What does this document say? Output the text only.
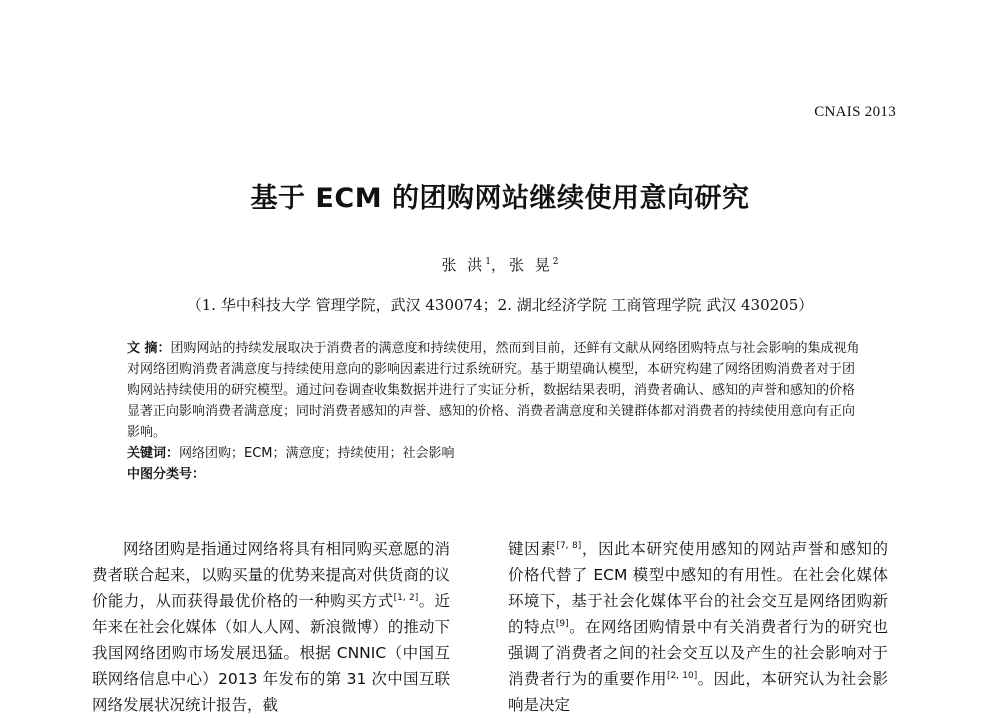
CNAIS 2013
基于 ECM 的团购网站继续使用意向研究
张 洪$^1$，张 晃$^2$
（1. 华中科技大学 管理学院，武汉 430074；2. 湖北经济学院 工商管理学院 武汉 430205）
文 摘：团购网站的持续发展取决于消费者的满意度和持续使用，然而到目前，还鲜有文献从网络团购特点与社会影响的集成视角对网络团购消费者满意度与持续使用意向的影响因素进行过系统研究。基于期望确认模型，本研究构建了网络团购消费者对于团购网站持续使用的研究模型。通过问卷调查收集数据并进行了实证分析，数据结果表明，消费者确认、感知的声誉和感知的价格显著正向影响消费者满意度；同时消费者感知的声誉、感知的价格、消费者满意度和关键群体都对消费者的持续使用意向有正向影响。
关键词：网络团购；ECM；满意度；持续使用；社会影响
中图分类号：
网络团购是指通过网络将具有相同购买意愿的消费者联合起来，以购买量的优势来提高对供货商的议价能力，从而获得最优价格的一种购买方式[1, 2]。近年来在社会化媒体（如人人网、新浪微博）的推动下我国网络团购市场发展迅猛。根据 CNNIC（中国互联网络信息中心）2013 年发布的第 31 次中国互联网络发展状况统计报告，截
键因素[7, 8]，因此本研究使用感知的网站声誉和感知的价格代替了 ECM 模型中感知的有用性。在社会化媒体环境下，基于社会化媒体平台的社会交互是网络团购新的特点[9]。在网络团购情景中有关消费者行为的研究也强调了消费者之间的社会交互以及产生的社会影响对于消费者行为的重要作用[2, 10]。因此，本研究认为社会影响是决定
